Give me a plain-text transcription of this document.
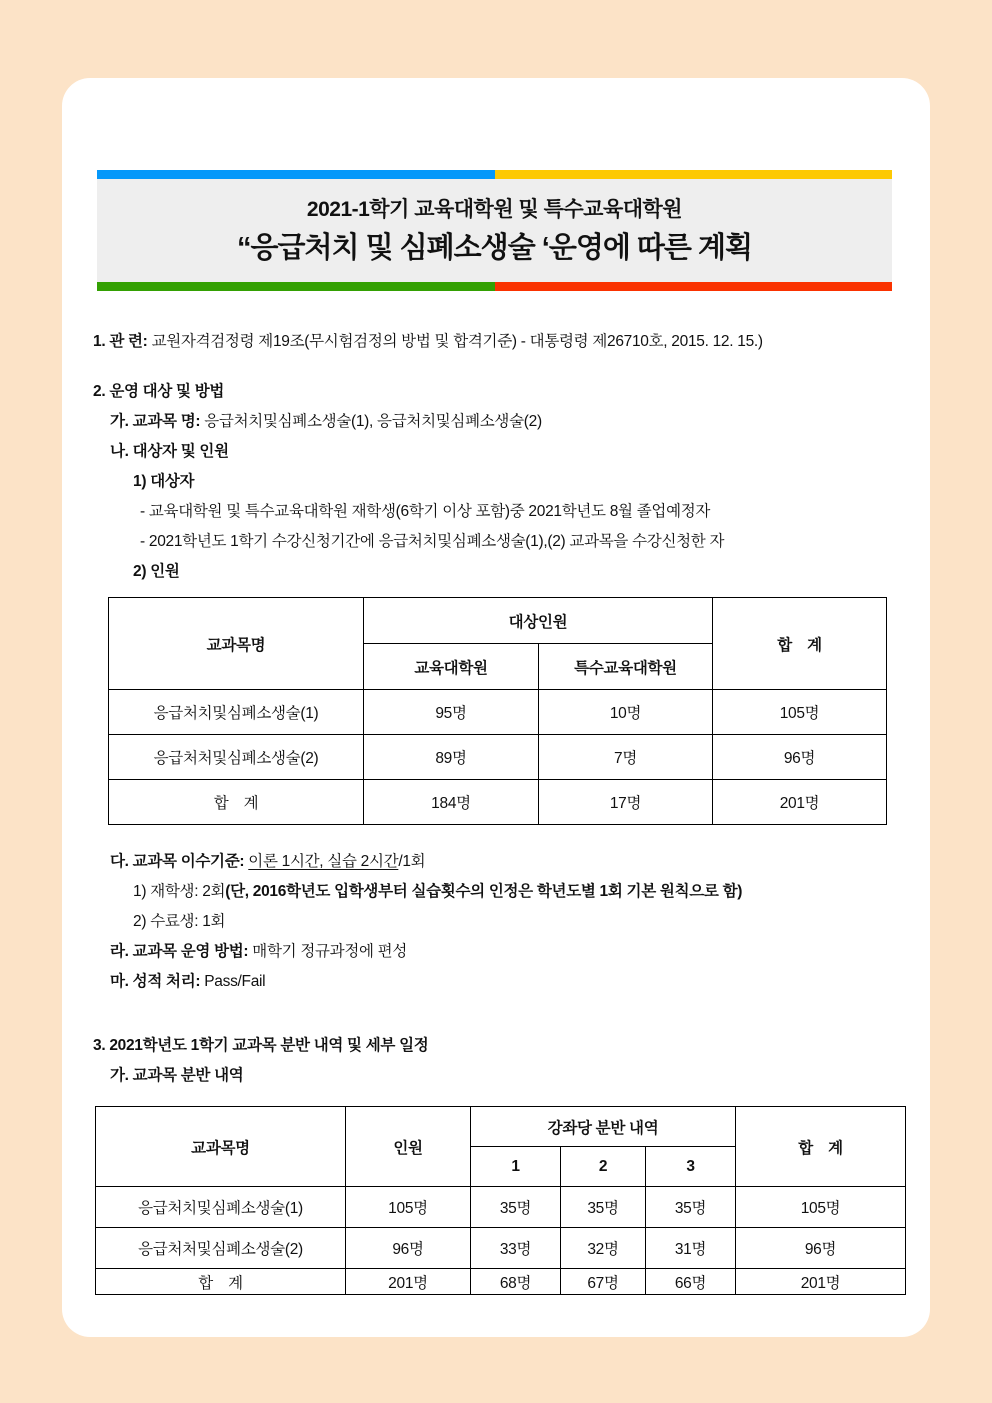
2021-1학기 교육대학원 및 특수교육대학원
“응급처치 및 심폐소생술 ‘운영에 따른 계획
1. 관 련: 교원자격검정령 제19조(무시험검정의 방법 및 합격기준) - 대통령령 제26710호, 2015. 12. 15.)
2. 운영 대상 및 방법
가. 교과목 명: 응급처치및심폐소생술(1), 응급처치및심폐소생술(2)
나. 대상자 및 인원
1) 대상자
- 교육대학원 및 특수교육대학원 재학생(6학기 이상 포함)중 2021학년도 8월 졸업예정자
- 2021학년도 1학기 수강신청기간에 응급처치및심폐소생술(1),(2) 교과목을 수강신청한 자
2) 인원
교과목명	대상인원		합　계
	교육대학원	특수교육대학원	
응급처치및심폐소생술(1)	95명	10명	105명
응급처처및심폐소생술(2)	89명	7명	96명
합　계	184명	17명	201명
다. 교과목 이수기준: 이론 1시간, 실습 2시간/1회
1) 재학생: 2회(단, 2016학년도 입학생부터 실습횟수의 인정은 학년도별 1회 기본 원칙으로 함)
2) 수료생: 1회
라. 교과목 운영 방법: 매학기 정규과정에 편성
마. 성적 처리: Pass/Fail
3. 2021학년도 1학기 교과목 분반 내역 및 세부 일정
가. 교과목 분반 내역
교과목명	인원	강좌당 분반 내역			합　계
		1	2	3	
응급처치및심폐소생술(1)	105명	35명	35명	35명	105명
응급처처및심폐소생술(2)	96명	33명	32명	31명	96명
합　계	201명	68명	67명	66명	201명
